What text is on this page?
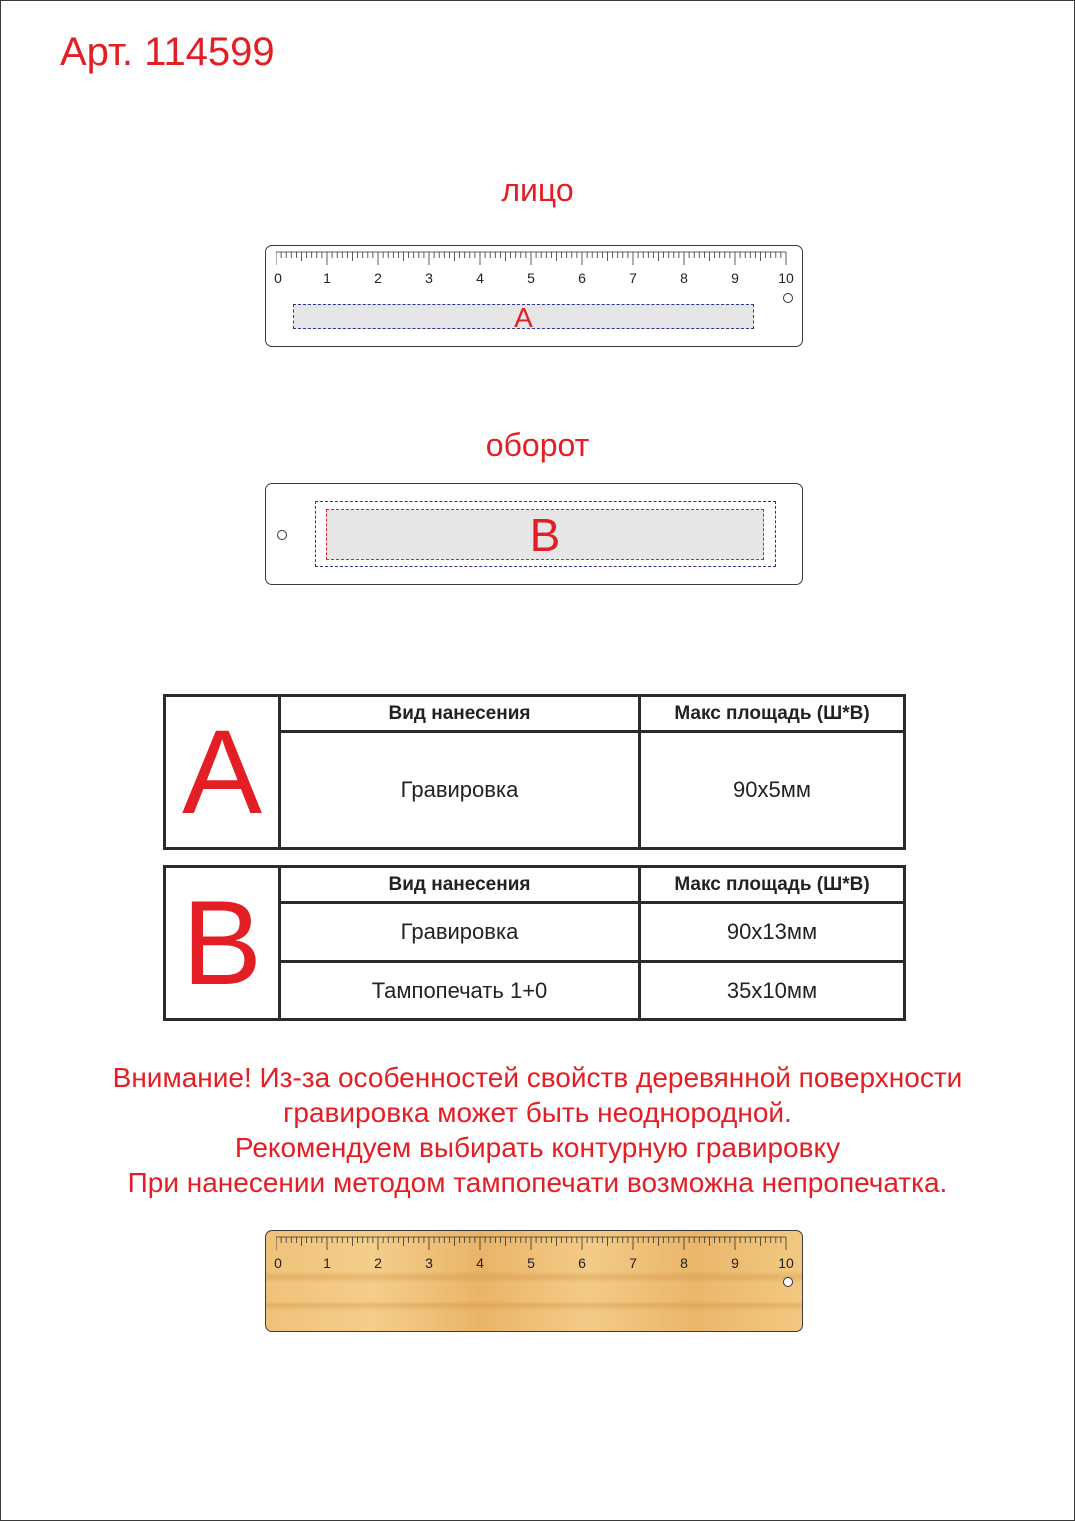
Арт. 114599
лицо
0	1	2	3	4	5	6	7	8	9	10
A
оборот
B
A	Вид нанесения	Макс площадь (Ш*В)
	Гравировка	90х5мм
B	Вид нанесения	Макс площадь (Ш*В)
	Гравировка	90х13мм
	Тампопечать 1+0	35х10мм
Внимание! Из-за особенностей свойств деревянной поверхности
гравировка может быть неоднородной.
Рекомендуем выбирать контурную гравировку
При нанесении методом тампопечати возможна непропечатка.
0	1	2	3	4	5	6	7	8	9	10
